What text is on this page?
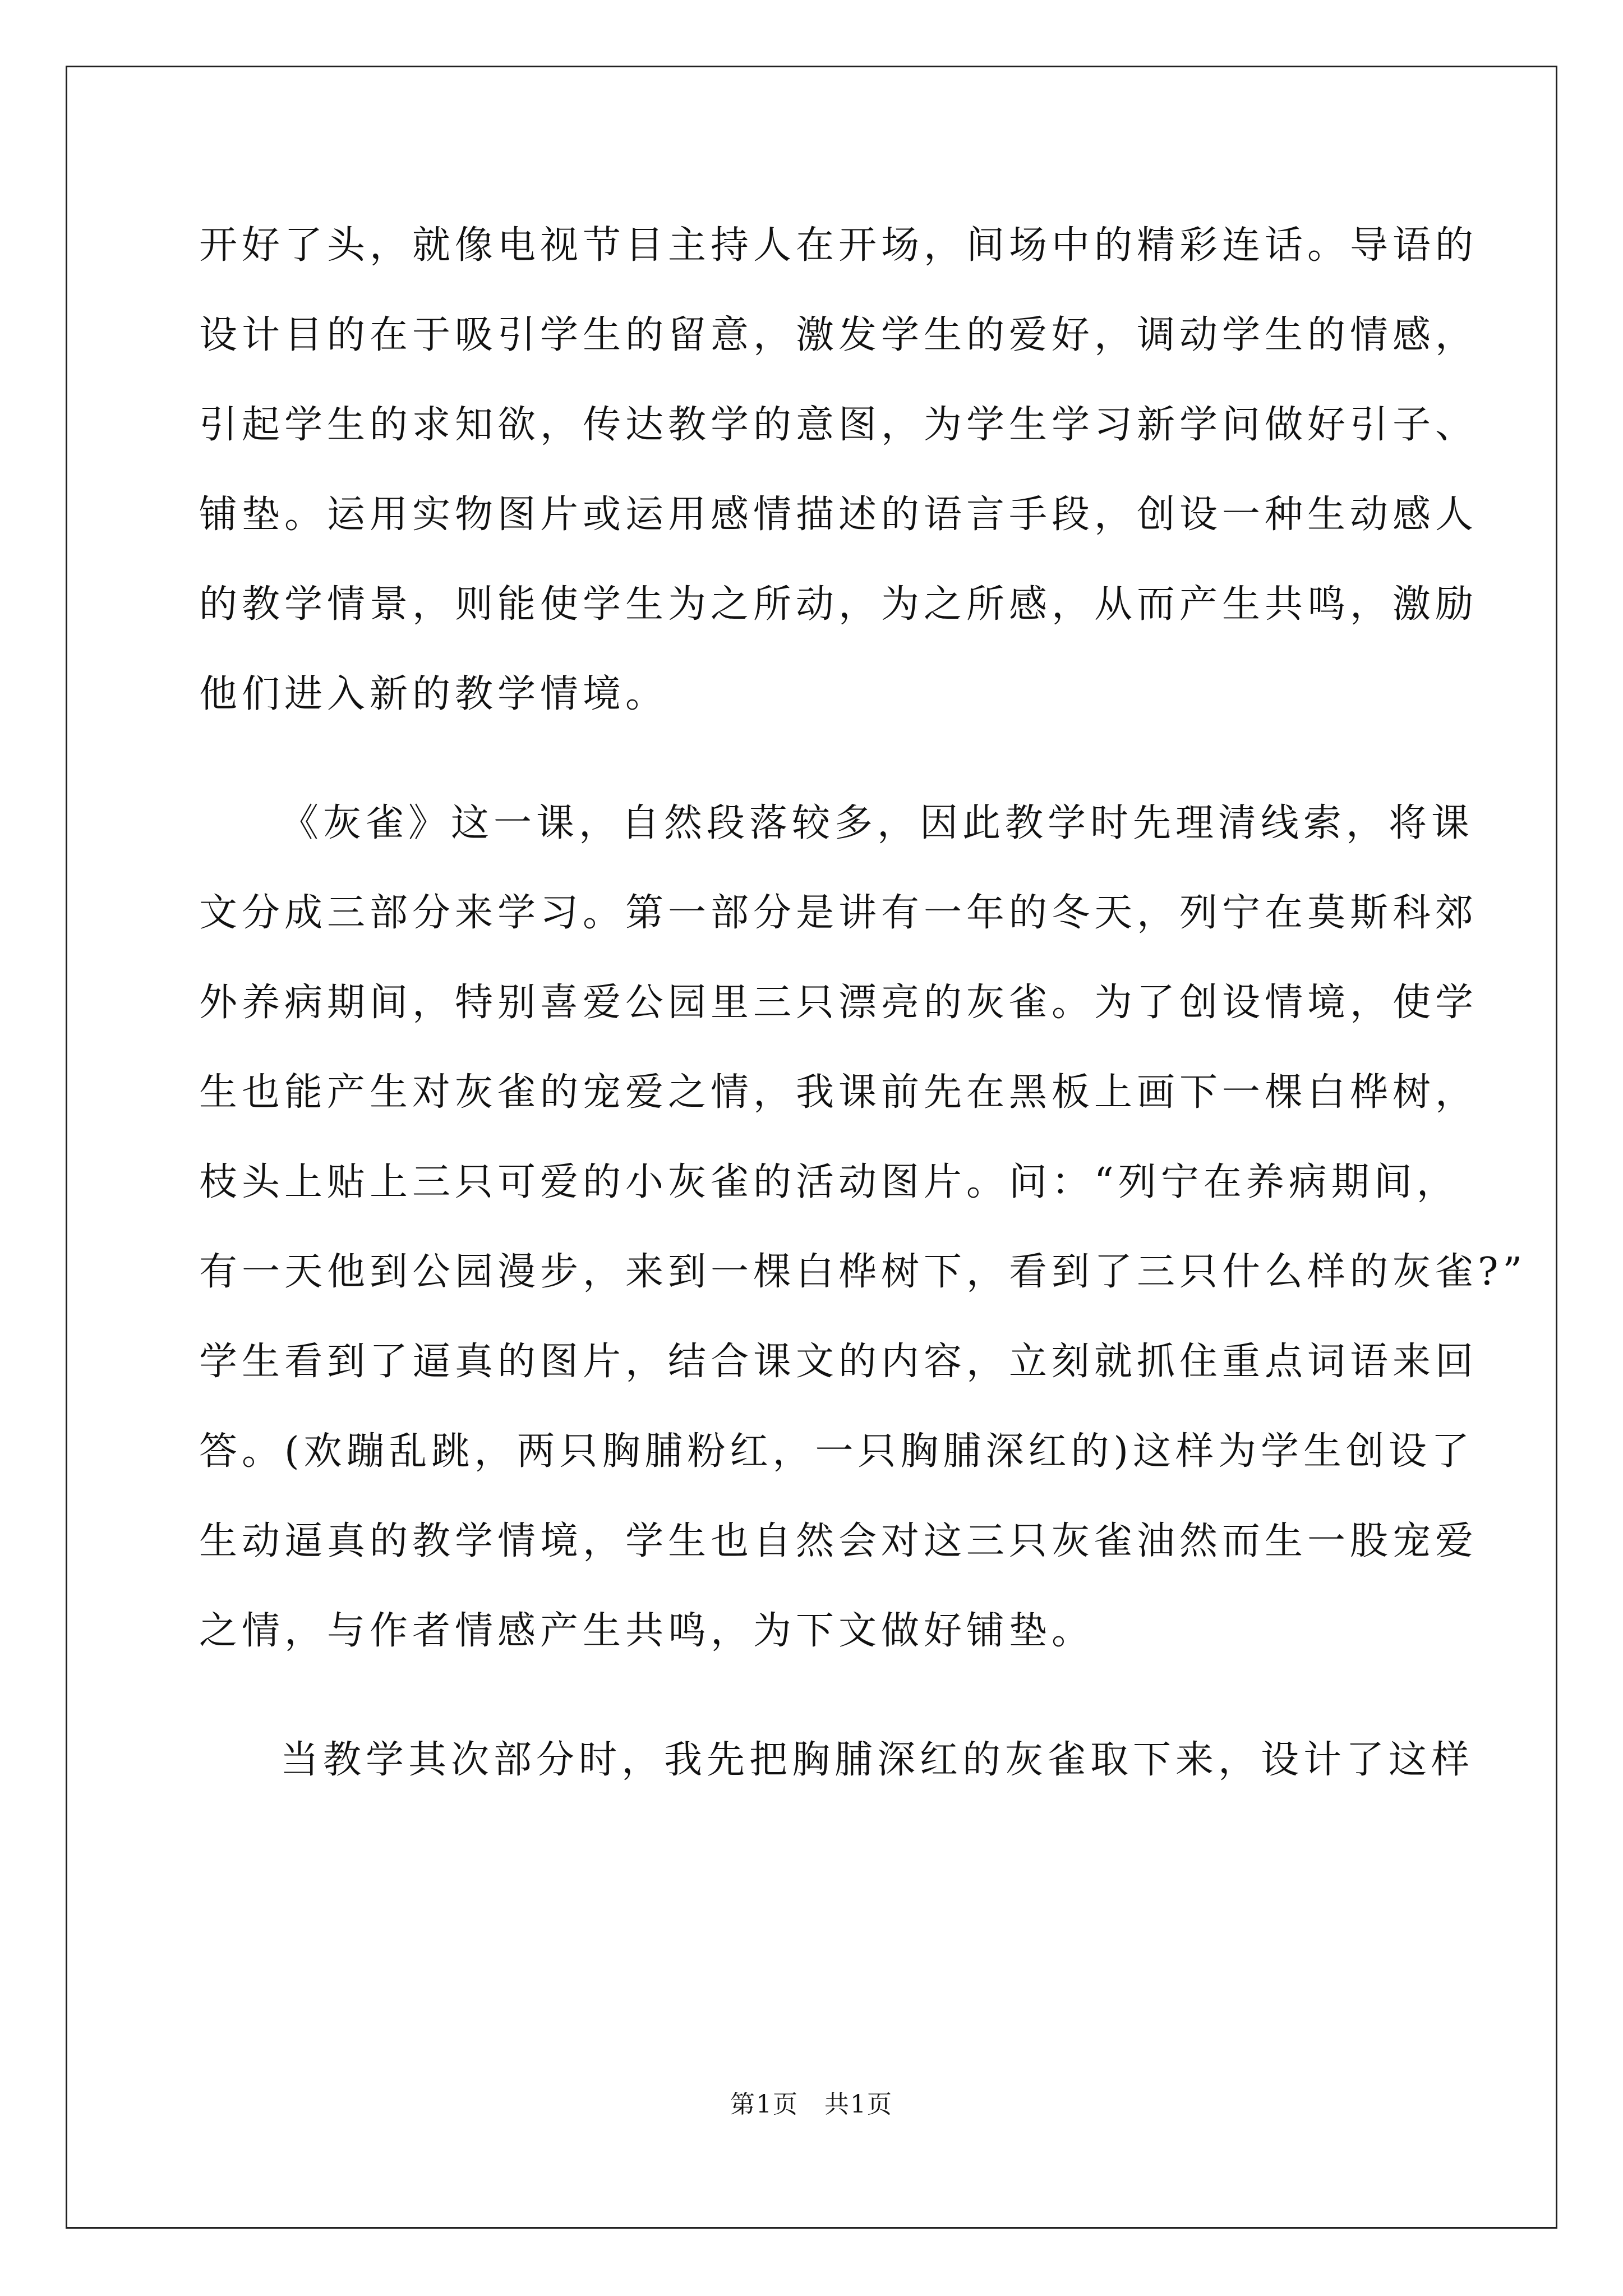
开好了头，就像电视节目主持人在开场，间场中的精彩连话。导语的
设计目的在于吸引学生的留意，激发学生的爱好，调动学生的情感，
引起学生的求知欲，传达教学的意图，为学生学习新学问做好引子、
铺垫。运用实物图片或运用感情描述的语言手段，创设一种生动感人
的教学情景，则能使学生为之所动，为之所感，从而产生共鸣，激励
他们进入新的教学情境。
《灰雀》这一课，自然段落较多，因此教学时先理清线索，将课
文分成三部分来学习。第一部分是讲有一年的冬天，列宁在莫斯科郊
外养病期间，特别喜爱公园里三只漂亮的灰雀。为了创设情境，使学
生也能产生对灰雀的宠爱之情，我课前先在黑板上画下一棵白桦树，
枝头上贴上三只可爱的小灰雀的活动图片。问：“列宁在养病期间，
有一天他到公园漫步，来到一棵白桦树下，看到了三只什么样的灰雀?”
学生看到了逼真的图片，结合课文的内容，立刻就抓住重点词语来回
答。(欢蹦乱跳，两只胸脯粉红，一只胸脯深红的)这样为学生创设了
生动逼真的教学情境，学生也自然会对这三只灰雀油然而生一股宠爱
之情，与作者情感产生共鸣，为下文做好铺垫。
当教学其次部分时，我先把胸脯深红的灰雀取下来，设计了这样
第1页　共1页
